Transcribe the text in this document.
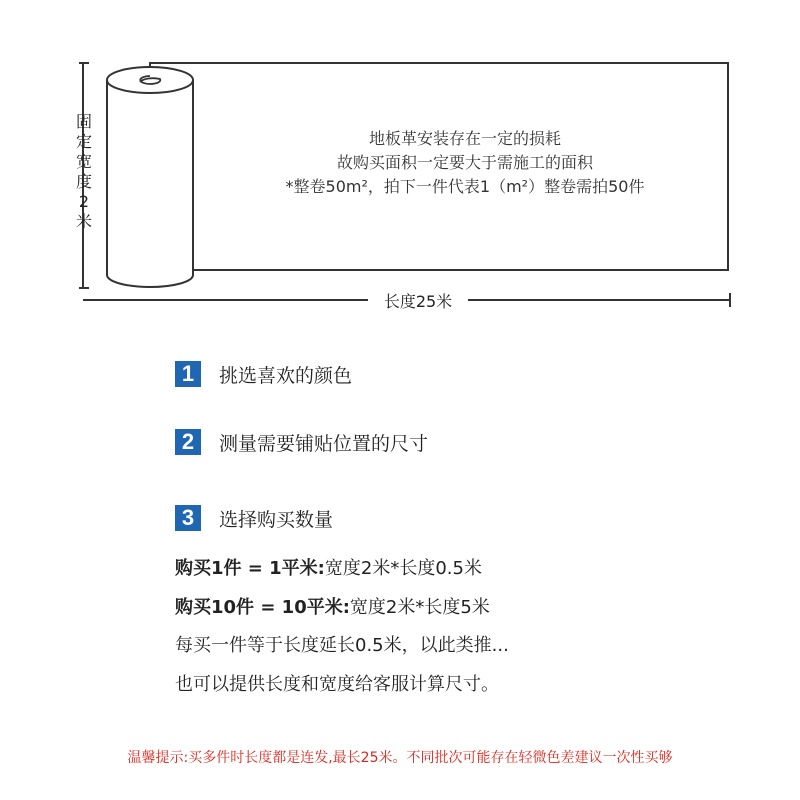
地板革安装存在一定的损耗
故购买面积一定要大于需施工的面积
*整卷50m²，拍下一件代表1（m²）整卷需拍50件
固
定
宽
度
2
米
长度25米
1	挑选喜欢的颜色
2	测量需要铺贴位置的尺寸
3	选择购买数量
购买1件 = 1平米:宽度2米*长度0.5米
购买10件 = 10平米:宽度2米*长度5米
每买一件等于长度延长0.5米，以此类推...
也可以提供长度和宽度给客服计算尺寸。
温馨提示:买多件时长度都是连发,最长25米。不同批次可能存在轻微色差建议一次性买够
